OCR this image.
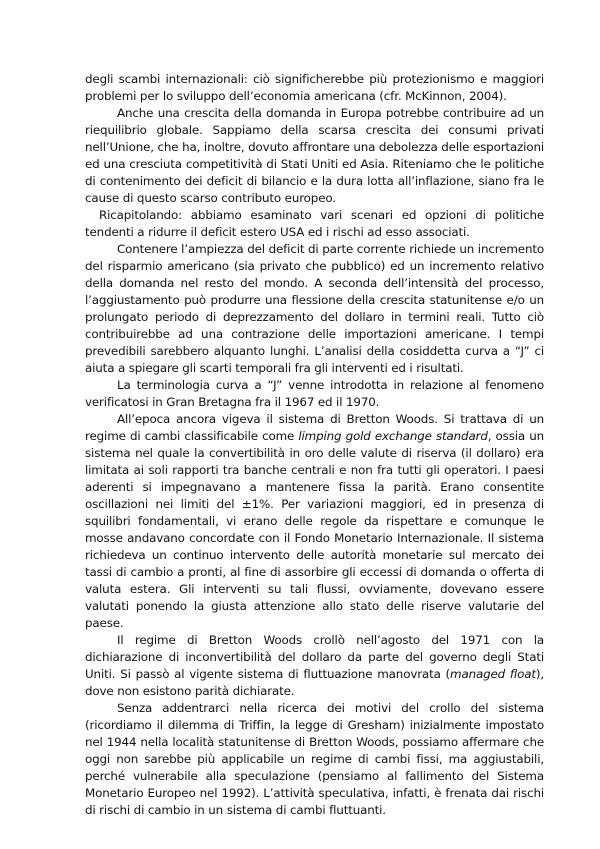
degli scambi internazionali: ciò significherebbe più protezionismo e maggiori problemi per lo sviluppo dell’economia americana (cfr. McKinnon, 2004).

Anche una crescita della domanda in Europa potrebbe contribuire ad un riequilibrio globale. Sappiamo della scarsa crescita dei consumi privati nell’Unione, che ha, inoltre, dovuto affrontare una debolezza delle esportazioni ed una cresciuta competitività di Stati Uniti ed Asia. Riteniamo che le politiche di contenimento dei deficit di bilancio e la dura lotta all’inflazione, siano fra le cause di questo scarso contributo europeo.

Ricapitolando: abbiamo esaminato vari scenari ed opzioni di politiche tendenti a ridurre il deficit estero USA ed i rischi ad esso associati.

Contenere l’ampiezza del deficit di parte corrente richiede un incremento del risparmio americano (sia privato che pubblico) ed un incremento relativo della domanda nel resto del mondo. A seconda dell’intensità del processo, l’aggiustamento può produrre una flessione della crescita statunitense e/o un prolungato periodo di deprezzamento del dollaro in termini reali. Tutto ciò contribuirebbe ad una contrazione delle importazioni americane. I tempi prevedibili sarebbero alquanto lunghi. L’analisi della cosiddetta curva a “J” ci aiuta a spiegare gli scarti temporali fra gli interventi ed i risultati.

La terminologia curva a “J” venne introdotta in relazione al fenomeno verificatosi in Gran Bretagna fra il 1967 ed il 1970.

All’epoca ancora vigeva il sistema di Bretton Woods. Si trattava di un regime di cambi classificabile come limping gold exchange standard, ossia un sistema nel quale la convertibilità in oro delle valute di riserva (il dollaro) era limitata ai soli rapporti tra banche centrali e non fra tutti gli operatori. I paesi aderenti si impegnavano a mantenere fissa la parità. Erano consentite oscillazioni nei limiti del ±1%. Per variazioni maggiori, ed in presenza di squilibri fondamentali, vi erano delle regole da rispettare e comunque le mosse andavano concordate con il Fondo Monetario Internazionale. Il sistema richiedeva un continuo intervento delle autorità monetarie sul mercato dei tassi di cambio a pronti, al fine di assorbire gli eccessi di domanda o offerta di valuta estera. Gli interventi su tali flussi, ovviamente, dovevano essere valutati ponendo la giusta attenzione allo stato delle riserve valutarie del paese.

Il regime di Bretton Woods crollò nell’agosto del 1971 con la dichiarazione di inconvertibilità del dollaro da parte del governo degli Stati Uniti. Si passò al vigente sistema di fluttuazione manovrata (managed float), dove non esistono parità dichiarate.

Senza addentrarci nella ricerca dei motivi del crollo del sistema (ricordiamo il dilemma di Triffin, la legge di Gresham) inizialmente impostato nel 1944 nella località statunitense di Bretton Woods, possiamo affermare che oggi non sarebbe più applicabile un regime di cambi fissi, ma aggiustabili, perché vulnerabile alla speculazione (pensiamo al fallimento del Sistema Monetario Europeo nel 1992). L’attività speculativa, infatti, è frenata dai rischi di rischi di cambio in un sistema di cambi fluttuanti.
